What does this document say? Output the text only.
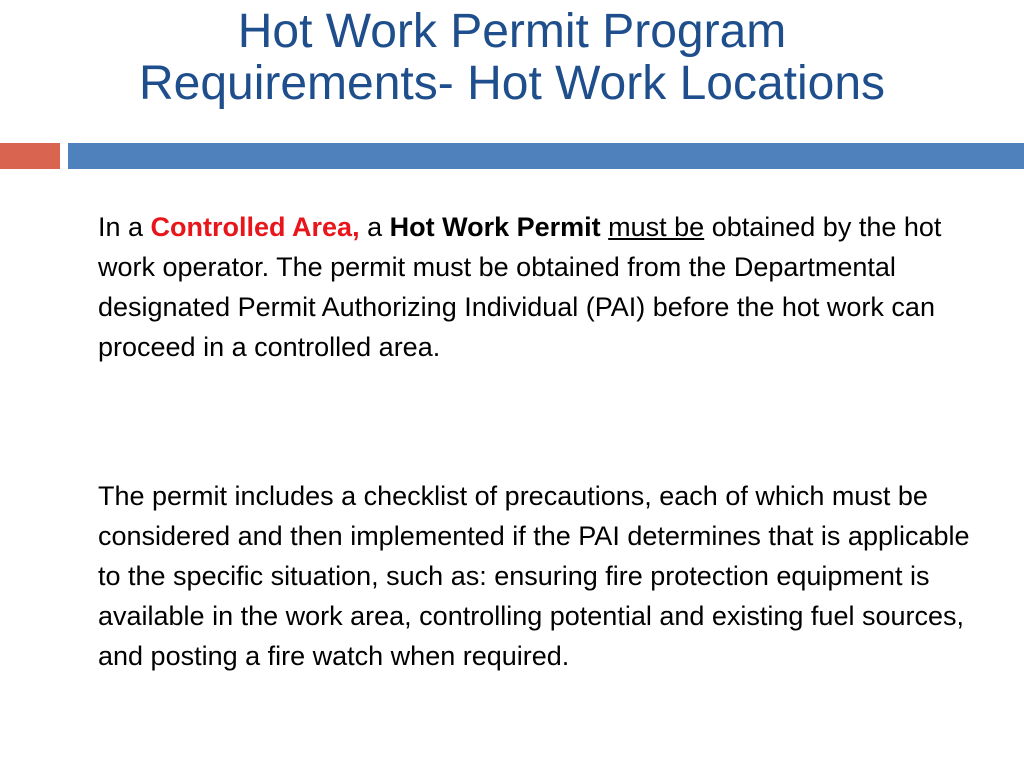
Hot Work Permit Program
Requirements- Hot Work Locations

In a Controlled Area, a Hot Work Permit must be obtained by the hot work operator. The permit must be obtained from the Departmental designated Permit Authorizing Individual (PAI) before the hot work can proceed in a controlled area.

The permit includes a checklist of precautions, each of which must be considered and then implemented if the PAI determines that is applicable to the specific situation, such as: ensuring fire protection equipment is available in the work area, controlling potential and existing fuel sources, and posting a fire watch when required.
